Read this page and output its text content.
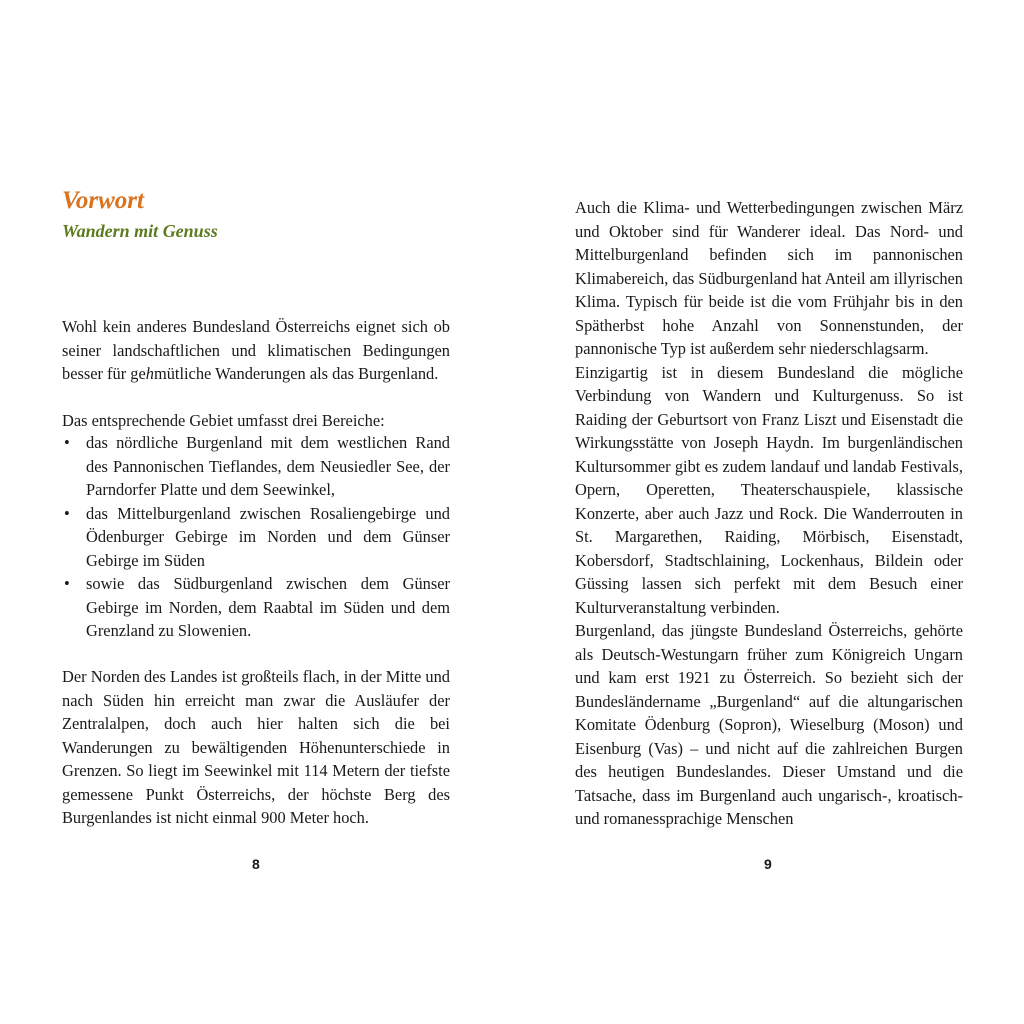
Vorwort
Wandern mit Genuss

Wohl kein anderes Bundesland Österreichs eignet sich ob seiner landschaftlichen und klimatischen Bedingungen besser für gehmütliche Wanderungen als das Burgenland.

Das entsprechende Gebiet umfasst drei Bereiche:

• das nördliche Burgenland mit dem westlichen Rand des Pannonischen Tieflandes, dem Neusiedler See, der Parndorfer Platte und dem Seewinkel,
• das Mittelburgenland zwischen Rosaliengebirge und Ödenburger Gebirge im Norden und dem Günser Gebirge im Süden
• sowie das Südburgenland zwischen dem Günser Gebirge im Norden, dem Raabtal im Süden und dem Grenzland zu Slowenien.

Der Norden des Landes ist großteils flach, in der Mitte und nach Süden hin erreicht man zwar die Ausläufer der Zentralalpen, doch auch hier halten sich die bei Wanderungen zu bewältigenden Höhenunterschiede in Grenzen. So liegt im Seewinkel mit 114 Metern der tiefste gemessene Punkt Österreichs, der höchste Berg des Burgenlandes ist nicht einmal 900 Meter hoch.

8	9

Auch die Klima- und Wetterbedingungen zwischen März und Oktober sind für Wanderer ideal. Das Nord- und Mittelburgenland befinden sich im pannonischen Klimabereich, das Südburgenland hat Anteil am illyrischen Klima. Typisch für beide ist die vom Frühjahr bis in den Spätherbst hohe Anzahl von Sonnenstunden, der pannonische Typ ist außerdem sehr niederschlagsarm.

Einzigartig ist in diesem Bundesland die mögliche Verbindung von Wandern und Kulturgenuss. So ist Raiding der Geburtsort von Franz Liszt und Eisenstadt die Wirkungsstätte von Joseph Haydn. Im burgenländischen Kultursommer gibt es zudem landauf und landab Festivals, Opern, Operetten, Theaterschauspiele, klassische Konzerte, aber auch Jazz und Rock. Die Wanderrouten in St. Margarethen, Raiding, Mörbisch, Eisenstadt, Kobersdorf, Stadtschlaining, Lockenhaus, Bildein oder Güssing lassen sich perfekt mit dem Besuch einer Kulturveranstaltung verbinden.

Burgenland, das jüngste Bundesland Österreichs, gehörte als Deutsch-Westungarn früher zum Königreich Ungarn und kam erst 1921 zu Österreich. So bezieht sich der Bundesländername „Burgenland“ auf die altungarischen Komitate Ödenburg (Sopron), Wieselburg (Moson) und Eisenburg (Vas) – und nicht auf die zahlreichen Burgen des heutigen Bundeslandes. Dieser Umstand und die Tatsache, dass im Burgenland auch ungarisch-, kroatisch- und romanessprachige Menschen
